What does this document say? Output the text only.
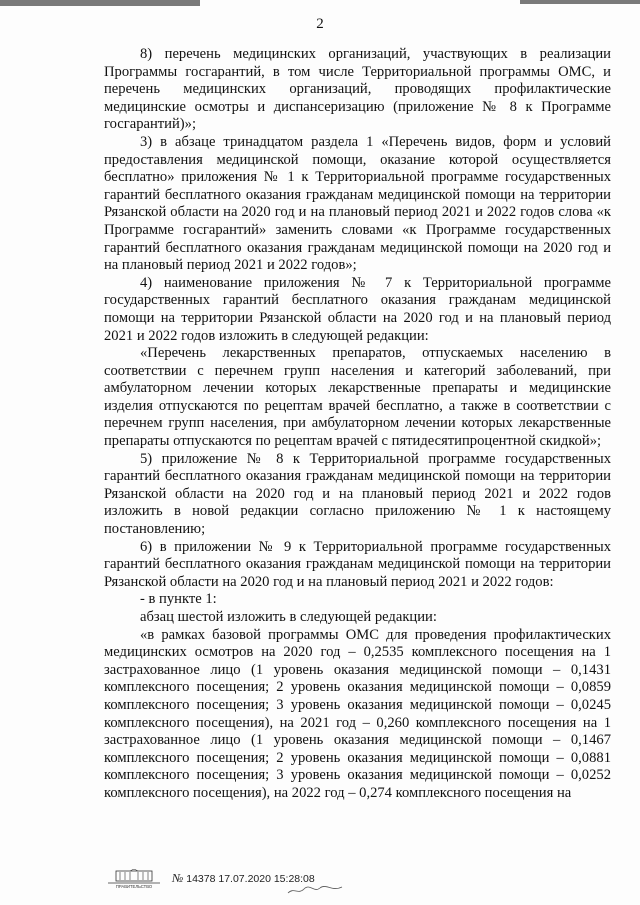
2

8) перечень медицинских организаций, участвующих в реализации Программы госгарантий, в том числе Территориальной программы ОМС, и перечень медицинских организаций, проводящих профилактические медицинские осмотры и диспансеризацию (приложение № 8 к Программе госгарантий)»;

3) в абзаце тринадцатом раздела 1 «Перечень видов, форм и условий предоставления медицинской помощи, оказание которой осуществляется бесплатно» приложения № 1 к Территориальной программе государственных гарантий бесплатного оказания гражданам медицинской помощи на территории Рязанской области на 2020 год и на плановый период 2021 и 2022 годов слова «к Программе госгарантий» заменить словами «к Программе государственных гарантий бесплатного оказания гражданам медицинской помощи на 2020 год и на плановый период 2021 и 2022 годов»;

4) наименование приложения № 7 к Территориальной программе государственных гарантий бесплатного оказания гражданам медицинской помощи на территории Рязанской области на 2020 год и на плановый период 2021 и 2022 годов изложить в следующей редакции:

«Перечень лекарственных препаратов, отпускаемых населению в соответствии с перечнем групп населения и категорий заболеваний, при амбулаторном лечении которых лекарственные препараты и медицинские изделия отпускаются по рецептам врачей бесплатно, а также в соответствии с перечнем групп населения, при амбулаторном лечении которых лекарственные препараты отпускаются по рецептам врачей с пятидесятипроцентной скидкой»;

5) приложение № 8 к Территориальной программе государственных гарантий бесплатного оказания гражданам медицинской помощи на территории Рязанской области на 2020 год и на плановый период 2021 и 2022 годов изложить в новой редакции согласно приложению № 1 к настоящему постановлению;

6) в приложении № 9 к Территориальной программе государственных гарантий бесплатного оказания гражданам медицинской помощи на территории Рязанской области на 2020 год и на плановый период 2021 и 2022 годов:

- в пункте 1:

абзац шестой изложить в следующей редакции:

«в рамках базовой программы ОМС для проведения профилактических медицинских осмотров на 2020 год – 0,2535 комплексного посещения на 1 застрахованное лицо (1 уровень оказания медицинской помощи – 0,1431 комплексного посещения; 2 уровень оказания медицинской помощи – 0,0859 комплексного посещения; 3 уровень оказания медицинской помощи – 0,0245 комплексного посещения), на 2021 год – 0,260 комплексного посещения на 1 застрахованное лицо (1 уровень оказания медицинской помощи – 0,1467 комплексного посещения; 2 уровень оказания медицинской помощи – 0,0881 комплексного посещения; 3 уровень оказания медицинской помощи – 0,0252 комплексного посещения), на 2022 год – 0,274 комплексного посещения на

ПРАВИТЕЛЬСТВО
№ 14378 17.07.2020 15:28:08
